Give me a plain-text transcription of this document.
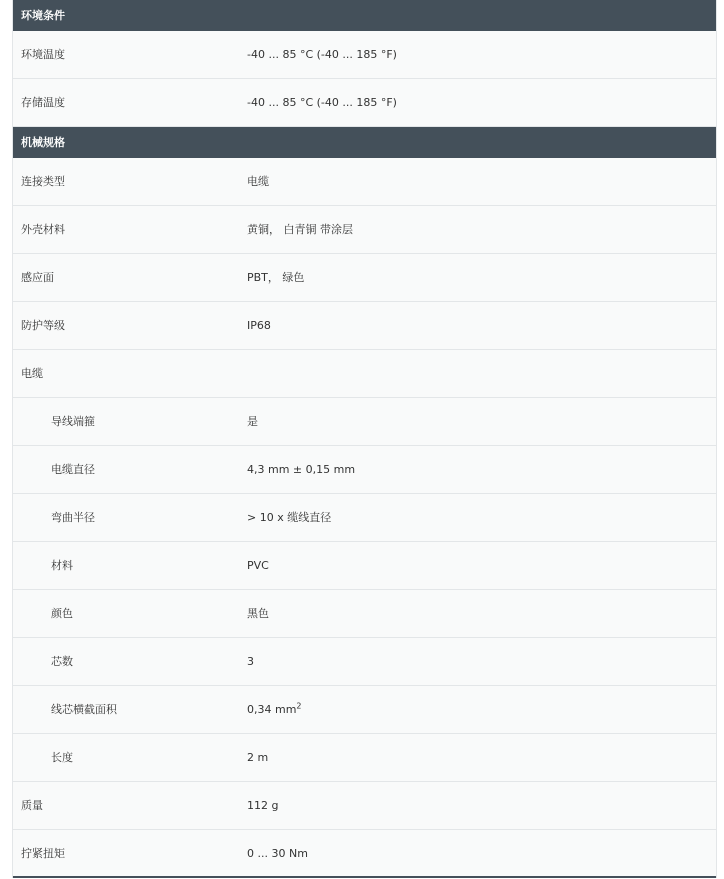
环境条件
环境温度	-40 ... 85 °C (-40 ... 185 °F)
存储温度	-40 ... 85 °C (-40 ... 185 °F)
机械规格
连接类型	电缆
外壳材料	黄铜， 白青铜 带涂层
感应面	PBT， 绿色
防护等级	IP68
电缆
导线端箍	是
电缆直径	4,3 mm ± 0,15 mm
弯曲半径	> 10 x 缆线直径
材料	PVC
颜色	黑色
芯数	3
线芯横截面积	0,34 $mm^2$
长度	2 m
质量	112 g
拧紧扭矩	0 ... 30 Nm
